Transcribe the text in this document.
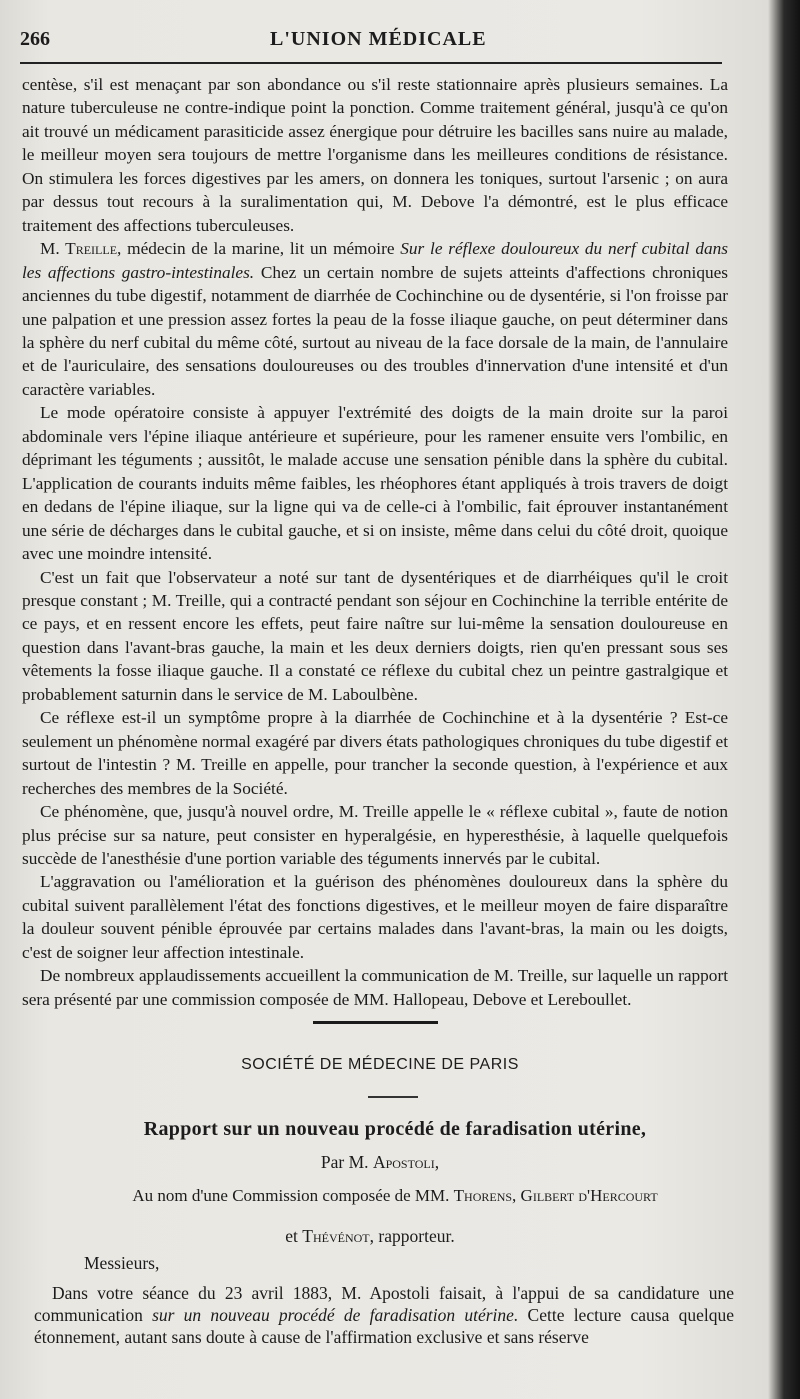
266	L'UNION MÉDICALE

centèse, s'il est menaçant par son abondance ou s'il reste stationnaire après plusieurs semaines. La nature tuberculeuse ne contre-indique point la ponction. Comme traitement général, jusqu'à ce qu'on ait trouvé un médicament parasiticide assez énergique pour détruire les bacilles sans nuire au malade, le meilleur moyen sera toujours de mettre l'organisme dans les meilleures conditions de résistance. On stimulera les forces digestives par les amers, on donnera les toniques, surtout l'arsenic ; on aura par dessus tout recours à la suralimentation qui, M. Debove l'a démontré, est le plus efficace traitement des affections tuberculeuses.

M. Treille, médecin de la marine, lit un mémoire Sur le réflexe douloureux du nerf cubital dans les affections gastro-intestinales. Chez un certain nombre de sujets atteints d'affections chroniques anciennes du tube digestif, notamment de diarrhée de Cochinchine ou de dysentérie, si l'on froisse par une palpation et une pression assez fortes la peau de la fosse iliaque gauche, on peut déterminer dans la sphère du nerf cubital du même côté, surtout au niveau de la face dorsale de la main, de l'annulaire et de l'auriculaire, des sensations douloureuses ou des troubles d'innervation d'une intensité et d'un caractère variables.

Le mode opératoire consiste à appuyer l'extrémité des doigts de la main droite sur la paroi abdominale vers l'épine iliaque antérieure et supérieure, pour les ramener ensuite vers l'ombilic, en déprimant les téguments ; aussitôt, le malade accuse une sensation pénible dans la sphère du cubital. L'application de courants induits même faibles, les rhéophores étant appliqués à trois travers de doigt en dedans de l'épine iliaque, sur la ligne qui va de celle-ci à l'ombilic, fait éprouver instantanément une série de décharges dans le cubital gauche, et si on insiste, même dans celui du côté droit, quoique avec une moindre intensité.

C'est un fait que l'observateur a noté sur tant de dysentériques et de diarrhéiques qu'il le croit presque constant ; M. Treille, qui a contracté pendant son séjour en Cochinchine la terrible entérite de ce pays, et en ressent encore les effets, peut faire naître sur lui-même la sensation douloureuse en question dans l'avant-bras gauche, la main et les deux derniers doigts, rien qu'en pressant sous ses vêtements la fosse iliaque gauche. Il a constaté ce réflexe du cubital chez un peintre gastralgique et probablement saturnin dans le service de M. Laboulbène.

Ce réflexe est-il un symptôme propre à la diarrhée de Cochinchine et à la dysentérie ? Est-ce seulement un phénomène normal exagéré par divers états pathologiques chroniques du tube digestif et surtout de l'intestin ? M. Treille en appelle, pour trancher la seconde question, à l'expérience et aux recherches des membres de la Société.

Ce phénomène, que, jusqu'à nouvel ordre, M. Treille appelle le « réflexe cubital », faute de notion plus précise sur sa nature, peut consister en hyperalgésie, en hyperesthésie, à laquelle quelquefois succède de l'anesthésie d'une portion variable des téguments innervés par le cubital.

L'aggravation ou l'amélioration et la guérison des phénomènes douloureux dans la sphère du cubital suivent parallèlement l'état des fonctions digestives, et le meilleur moyen de faire disparaître la douleur souvent pénible éprouvée par certains malades dans l'avant-bras, la main ou les doigts, c'est de soigner leur affection intestinale.

De nombreux applaudissements accueillent la communication de M. Treille, sur laquelle un rapport sera présenté par une commission composée de MM. Hallopeau, Debove et Lereboullet.

SOCIÉTÉ DE MÉDECINE DE PARIS
Rapport sur un nouveau procédé de faradisation utérine,
Par M. Apostoli,
Au nom d'une Commission composée de MM. Thorens, Gilbert d'Hercourt
et Thévénot, rapporteur.
Messieurs,

Dans votre séance du 23 avril 1883, M. Apostoli faisait, à l'appui de sa candidature une communication sur un nouveau procédé de faradisation utérine. Cette lecture causa quelque étonnement, autant sans doute à cause de l'affirmation exclusive et sans réserve
